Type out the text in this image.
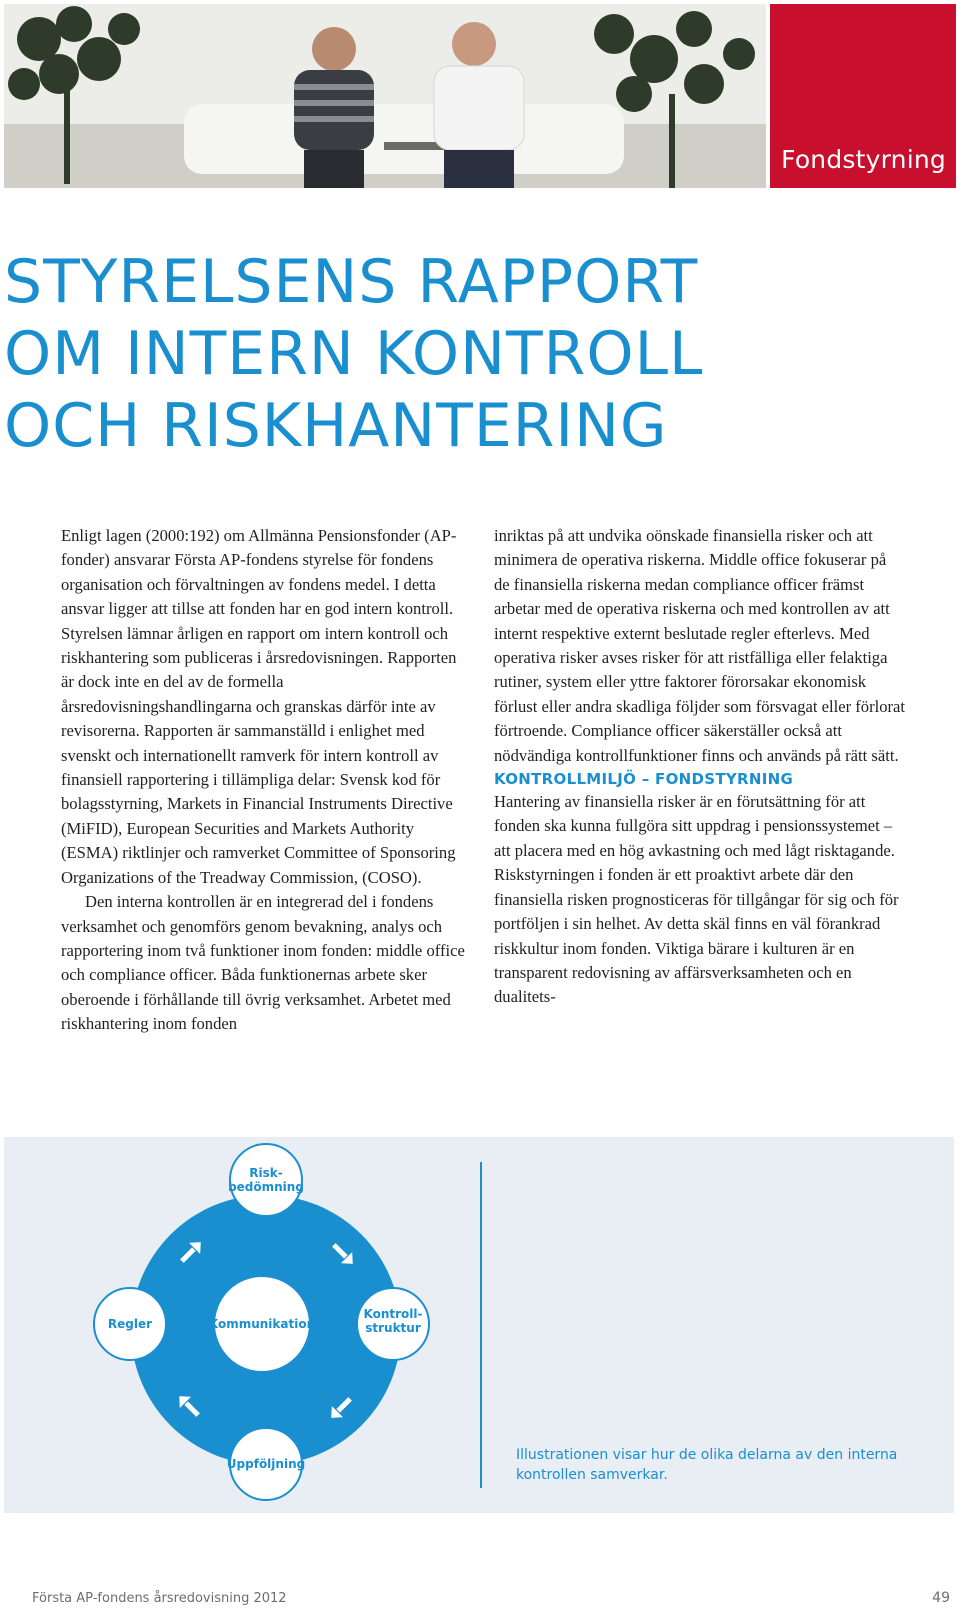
Fondstyrning
STYRELSENS RAPPORT
OM INTERN KONTROLL
OCH RISKHANTERING

Enligt lagen (2000:192) om Allmänna Pensionsfonder (AP-fonder) ansvarar Första AP-fondens styrelse för fondens organisation och förvaltningen av fondens medel. I detta ansvar ligger att tillse att fonden har en god intern kontroll. Styrelsen lämnar årligen en rapport om intern kontroll och riskhantering som publiceras i årsredovisningen. Rapporten är dock inte en del av de formella årsredovisningshandlingarna och granskas därför inte av revisorerna. Rapporten är sammanställd i enlighet med svenskt och internationellt ramverk för intern kontroll av finansiell rapportering i tillämpliga delar: Svensk kod för bolagsstyrning, Markets in Financial Instruments Directive (MiFID), European Securities and Markets Authority (ESMA) riktlinjer och ramverket Committee of Sponsoring Organizations of the Treadway Commission, (COSO).

Den interna kontrollen är en integrerad del i fondens verksamhet och genomförs genom bevakning, analys och rapportering inom två funktioner inom fonden: middle office och compliance officer. Båda funktionernas arbete sker oberoende i förhållande till övrig verksamhet. Arbetet med riskhantering inom fonden

inriktas på att undvika oönskade finansiella risker och att minimera de operativa riskerna. Middle office fokuserar på de finansiella riskerna medan compliance officer främst arbetar med de operativa riskerna och med kontrollen av att internt respektive externt beslutade regler efterlevs. Med operativa risker avses risker för att ristfälliga eller felaktiga rutiner, system eller yttre faktorer förorsakar ekonomisk förlust eller andra skadliga följder som försvagat eller förlorat förtroende. Compliance officer säkerställer också att nödvändiga kontrollfunktioner finns och används på rätt sätt.

KONTROLLMILJÖ – FONDSTYRNING

Hantering av finansiella risker är en förutsättning för att fonden ska kunna fullgöra sitt uppdrag i pensionssystemet – att placera med en hög avkastning och med lågt risktagande. Riskstyrningen i fonden är ett proaktivt arbete där den finansiella risken prognosticeras för tillgångar för sig och för portföljen i sin helhet. Av detta skäl finns en väl förankrad riskkultur inom fonden. Viktiga bärare i kulturen är en transparent redovisning av affärsverksamheten och en dualitets-

Risk-
bedömning
Regler	Kommunikation
Kontroll-
struktur
Uppföljning

Illustrationen visar hur de olika delarna av den interna kontrollen samverkar.

Första AP-fondens årsredovisning 2012	49
